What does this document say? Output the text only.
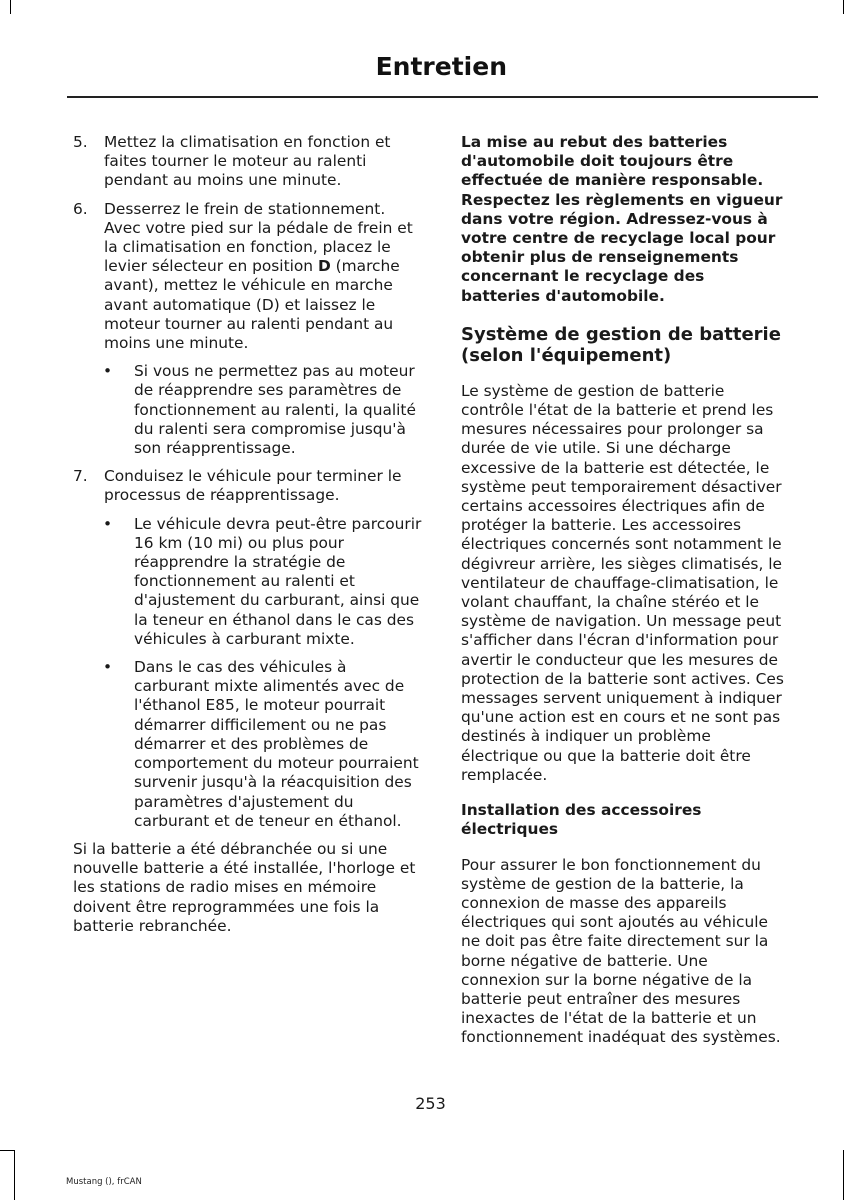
Entretien
5. Mettez la climatisation en fonction et faites tourner le moteur au ralenti pendant au moins une minute.
6. Desserrez le frein de stationnement. Avec votre pied sur la pédale de frein et la climatisation en fonction, placez le levier sélecteur en position D (marche avant), mettez le véhicule en marche avant automatique (D) et laissez le moteur tourner au ralenti pendant au moins une minute.
• Si vous ne permettez pas au moteur de réapprendre ses paramètres de fonctionnement au ralenti, la qualité du ralenti sera compromise jusqu'à son réapprentissage.
7. Conduisez le véhicule pour terminer le processus de réapprentissage.
• Le véhicule devra peut-être parcourir 16 km (10 mi) ou plus pour réapprendre la stratégie de fonctionnement au ralenti et d'ajustement du carburant, ainsi que la teneur en éthanol dans le cas des véhicules à carburant mixte.
• Dans le cas des véhicules à carburant mixte alimentés avec de l'éthanol E85, le moteur pourrait démarrer difficilement ou ne pas démarrer et des problèmes de comportement du moteur pourraient survenir jusqu'à la réacquisition des paramètres d'ajustement du carburant et de teneur en éthanol.

Si la batterie a été débranchée ou si une nouvelle batterie a été installée, l'horloge et les stations de radio mises en mémoire doivent être reprogrammées une fois la batterie rebranchée.

La mise au rebut des batteries d'automobile doit toujours être effectuée de manière responsable. Respectez les règlements en vigueur dans votre région. Adressez-vous à votre centre de recyclage local pour obtenir plus de renseignements concernant le recyclage des batteries d'automobile.

Système de gestion de batterie (selon l'équipement)

Le système de gestion de batterie contrôle l'état de la batterie et prend les mesures nécessaires pour prolonger sa durée de vie utile. Si une décharge excessive de la batterie est détectée, le système peut temporairement désactiver certains accessoires électriques afin de protéger la batterie. Les accessoires électriques concernés sont notamment le dégivreur arrière, les sièges climatisés, le ventilateur de chauffage-climatisation, le volant chauffant, la chaîne stéréo et le système de navigation. Un message peut s'afficher dans l'écran d'information pour avertir le conducteur que les mesures de protection de la batterie sont actives. Ces messages servent uniquement à indiquer qu'une action est en cours et ne sont pas destinés à indiquer un problème électrique ou que la batterie doit être remplacée.

Installation des accessoires électriques

Pour assurer le bon fonctionnement du système de gestion de la batterie, la connexion de masse des appareils électriques qui sont ajoutés au véhicule ne doit pas être faite directement sur la borne négative de batterie. Une connexion sur la borne négative de la batterie peut entraîner des mesures inexactes de l'état de la batterie et un fonctionnement inadéquat des systèmes.

253
Mustang (), frCAN
